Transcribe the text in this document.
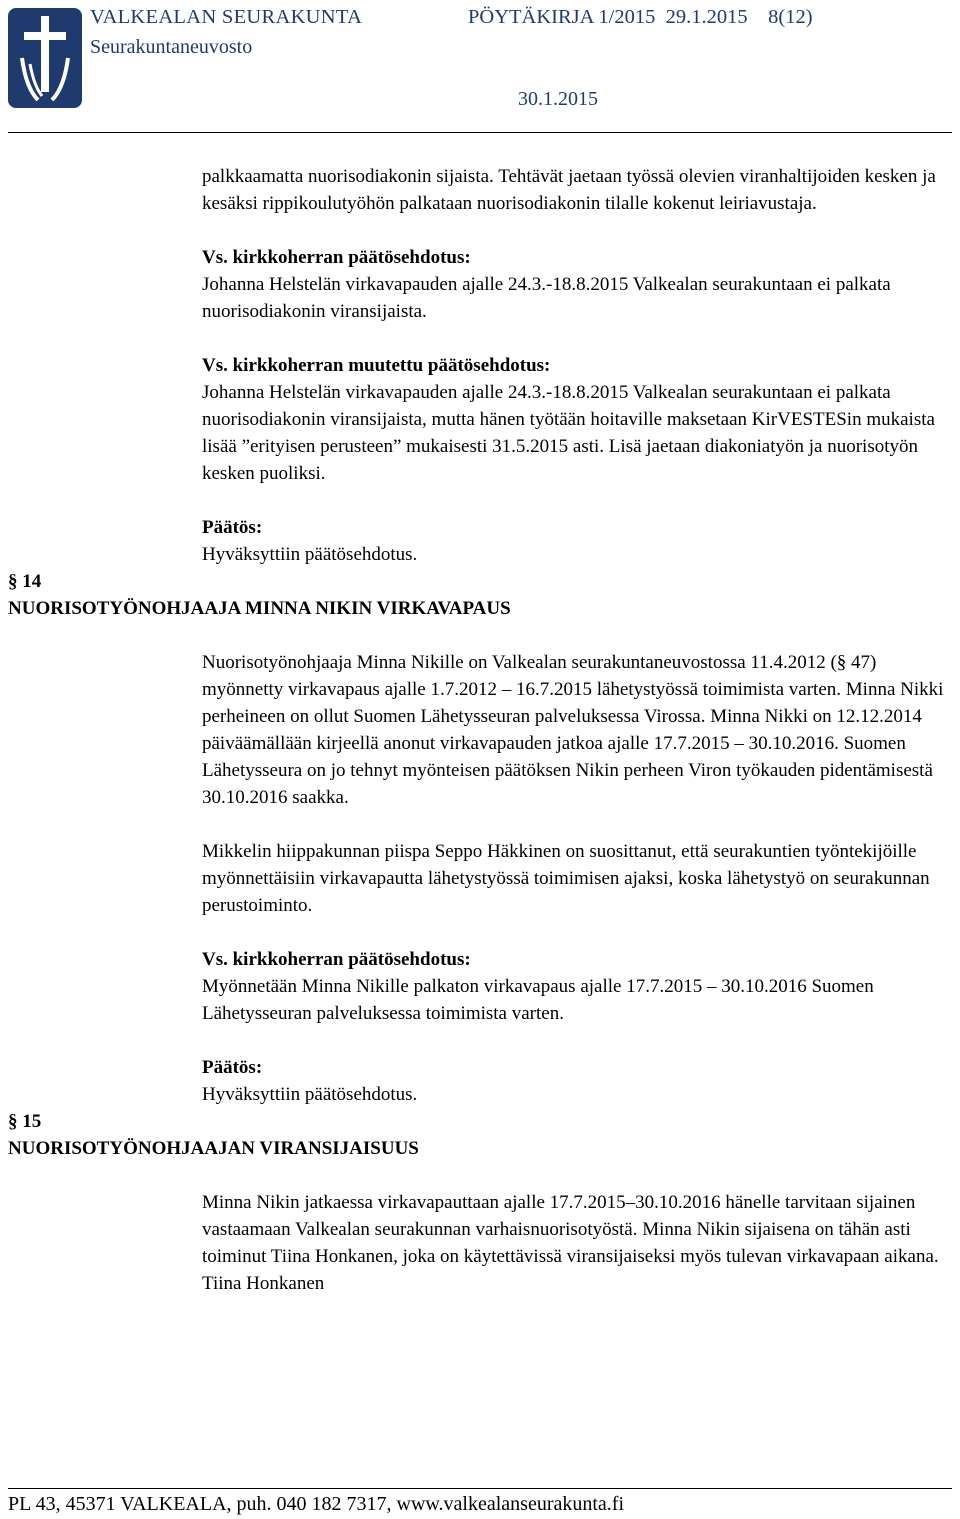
VALKEALAN SEURAKUNTA	PÖYTÄKIRJA 1/2015 29.1.2015 8(12)
Seurakuntaneuvosto
30.1.2015

palkkaamatta nuorisodiakonin sijaista. Tehtävät jaetaan työssä olevien viranhaltijoiden kesken ja kesäksi rippikoulutyöhön palkataan nuorisodiakonin tilalle kokenut leiriavustaja.

Vs. kirkkoherran päätösehdotus:

Johanna Helstelän virkavapauden ajalle 24.3.-18.8.2015 Valkealan seurakuntaan ei palkata nuorisodiakonin viransijaista.

Vs. kirkkoherran muutettu päätösehdotus:

Johanna Helstelän virkavapauden ajalle 24.3.-18.8.2015 Valkealan seurakuntaan ei palkata nuorisodiakonin viransijaista, mutta hänen työtään hoitaville maksetaan KirVESTESin mukaista lisää ”erityisen perusteen” mukaisesti 31.5.2015 asti. Lisä jaetaan diakoniatyön ja nuorisotyön kesken puoliksi.

Päätös:

Hyväksyttiin päätösehdotus.

§ 14
NUORISOTYÖNOHJAAJA MINNA NIKIN VIRKAVAPAUS

Nuorisotyönohjaaja Minna Nikille on Valkealan seurakuntaneuvostossa 11.4.2012 (§ 47) myönnetty virkavapaus ajalle 1.7.2012 – 16.7.2015 lähetystyössä toimimista varten. Minna Nikki perheineen on ollut Suomen Lähetysseuran palveluksessa Virossa. Minna Nikki on 12.12.2014 päiväämällään kirjeellä anonut virkavapauden jatkoa ajalle 17.7.2015 – 30.10.2016. Suomen Lähetysseura on jo tehnyt myönteisen päätöksen Nikin perheen Viron työkauden pidentämisestä 30.10.2016 saakka.

Mikkelin hiippakunnan piispa Seppo Häkkinen on suosittanut, että seurakuntien työntekijöille myönnettäisiin virkavapautta lähetystyössä toimimisen ajaksi, koska lähetystyö on seurakunnan perustoiminto.

Vs. kirkkoherran päätösehdotus:

Myönnetään Minna Nikille palkaton virkavapaus ajalle 17.7.2015 – 30.10.2016 Suomen Lähetysseuran palveluksessa toimimista varten.

Päätös:

Hyväksyttiin päätösehdotus.

§ 15
NUORISOTYÖNOHJAAJAN VIRANSIJAISUUS

Minna Nikin jatkaessa virkavapauttaan ajalle 17.7.2015–30.10.2016 hänelle tarvitaan sijainen vastaamaan Valkealan seurakunnan varhaisnuorisotyöstä. Minna Nikin sijaisena on tähän asti toiminut Tiina Honkanen, joka on käytettävissä viransijaiseksi myös tulevan virkavapaan aikana. Tiina Honkanen

PL 43, 45371 VALKEALA, puh. 040 182 7317, www.valkealanseurakunta.fi
